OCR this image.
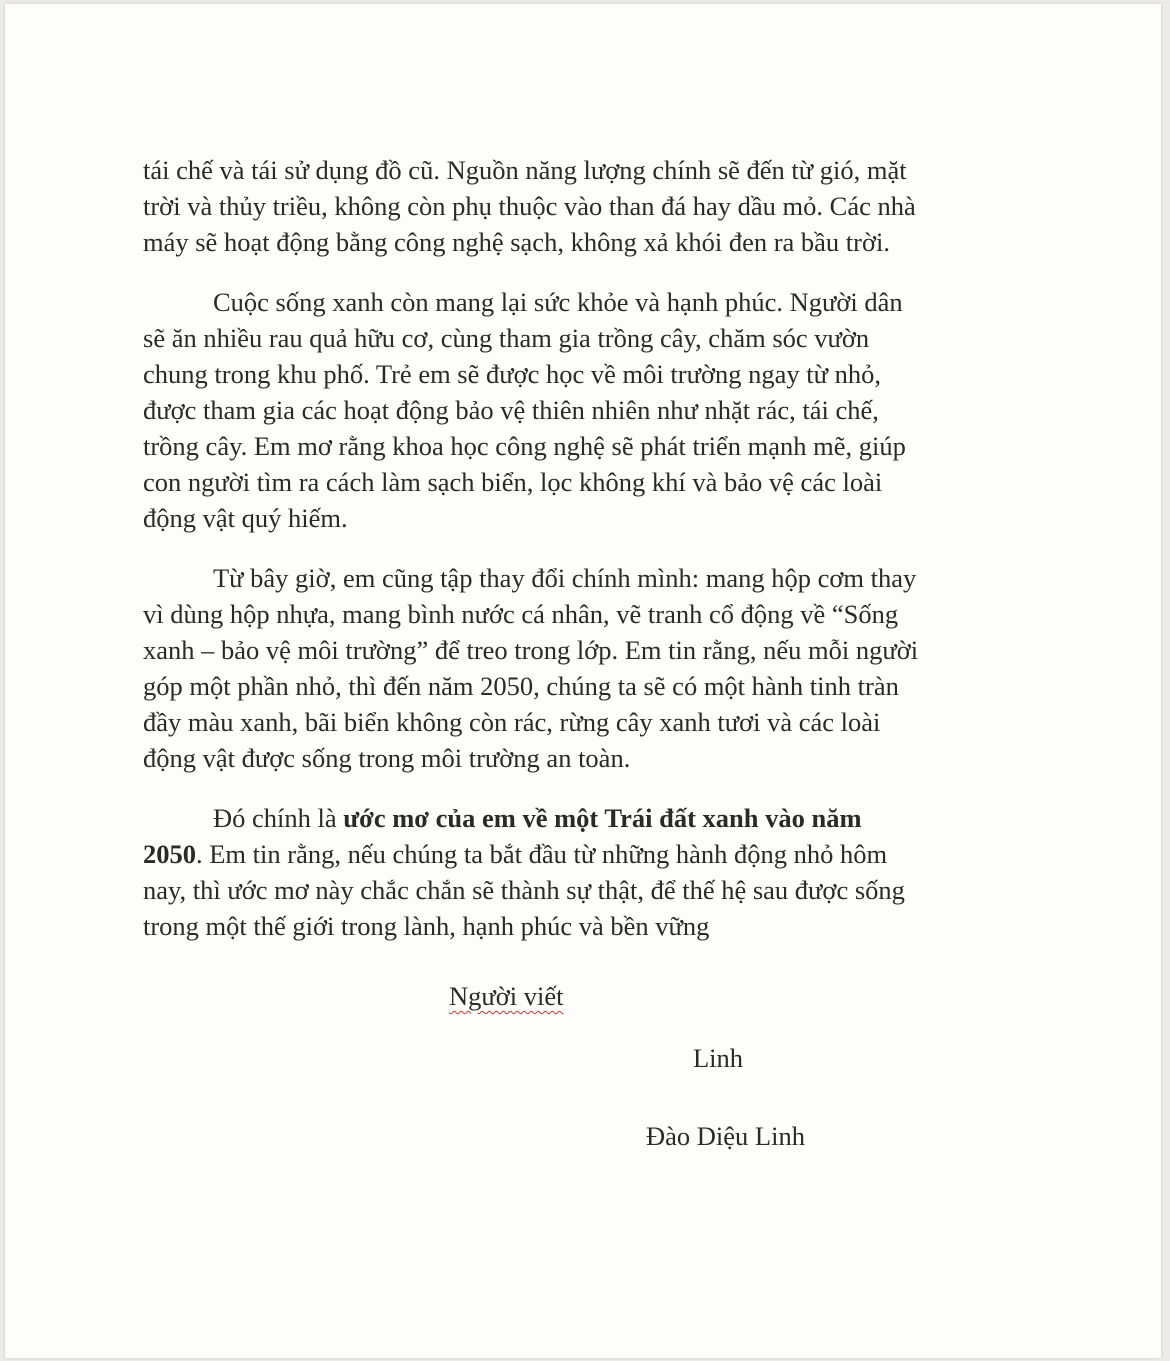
tái chế và tái sử dụng đồ cũ. Nguồn năng lượng chính sẽ đến từ gió, mặt
trời và thủy triều, không còn phụ thuộc vào than đá hay dầu mỏ. Các nhà
máy sẽ hoạt động bằng công nghệ sạch, không xả khói đen ra bầu trời.

Cuộc sống xanh còn mang lại sức khỏe và hạnh phúc. Người dân
sẽ ăn nhiều rau quả hữu cơ, cùng tham gia trồng cây, chăm sóc vườn
chung trong khu phố. Trẻ em sẽ được học về môi trường ngay từ nhỏ,
được tham gia các hoạt động bảo vệ thiên nhiên như nhặt rác, tái chế,
trồng cây. Em mơ rằng khoa học công nghệ sẽ phát triển mạnh mẽ, giúp
con người tìm ra cách làm sạch biển, lọc không khí và bảo vệ các loài
động vật quý hiếm.

Từ bây giờ, em cũng tập thay đổi chính mình: mang hộp cơm thay
vì dùng hộp nhựa, mang bình nước cá nhân, vẽ tranh cổ động về “Sống
xanh – bảo vệ môi trường” để treo trong lớp. Em tin rằng, nếu mỗi người
góp một phần nhỏ, thì đến năm 2050, chúng ta sẽ có một hành tinh tràn
đầy màu xanh, bãi biển không còn rác, rừng cây xanh tươi và các loài
động vật được sống trong môi trường an toàn.

Đó chính là ước mơ của em về một Trái đất xanh vào năm
2050. Em tin rằng, nếu chúng ta bắt đầu từ những hành động nhỏ hôm
nay, thì ước mơ này chắc chắn sẽ thành sự thật, để thế hệ sau được sống
trong một thế giới trong lành, hạnh phúc và bền vững

Người viết
Linh
Đào Diệu Linh
